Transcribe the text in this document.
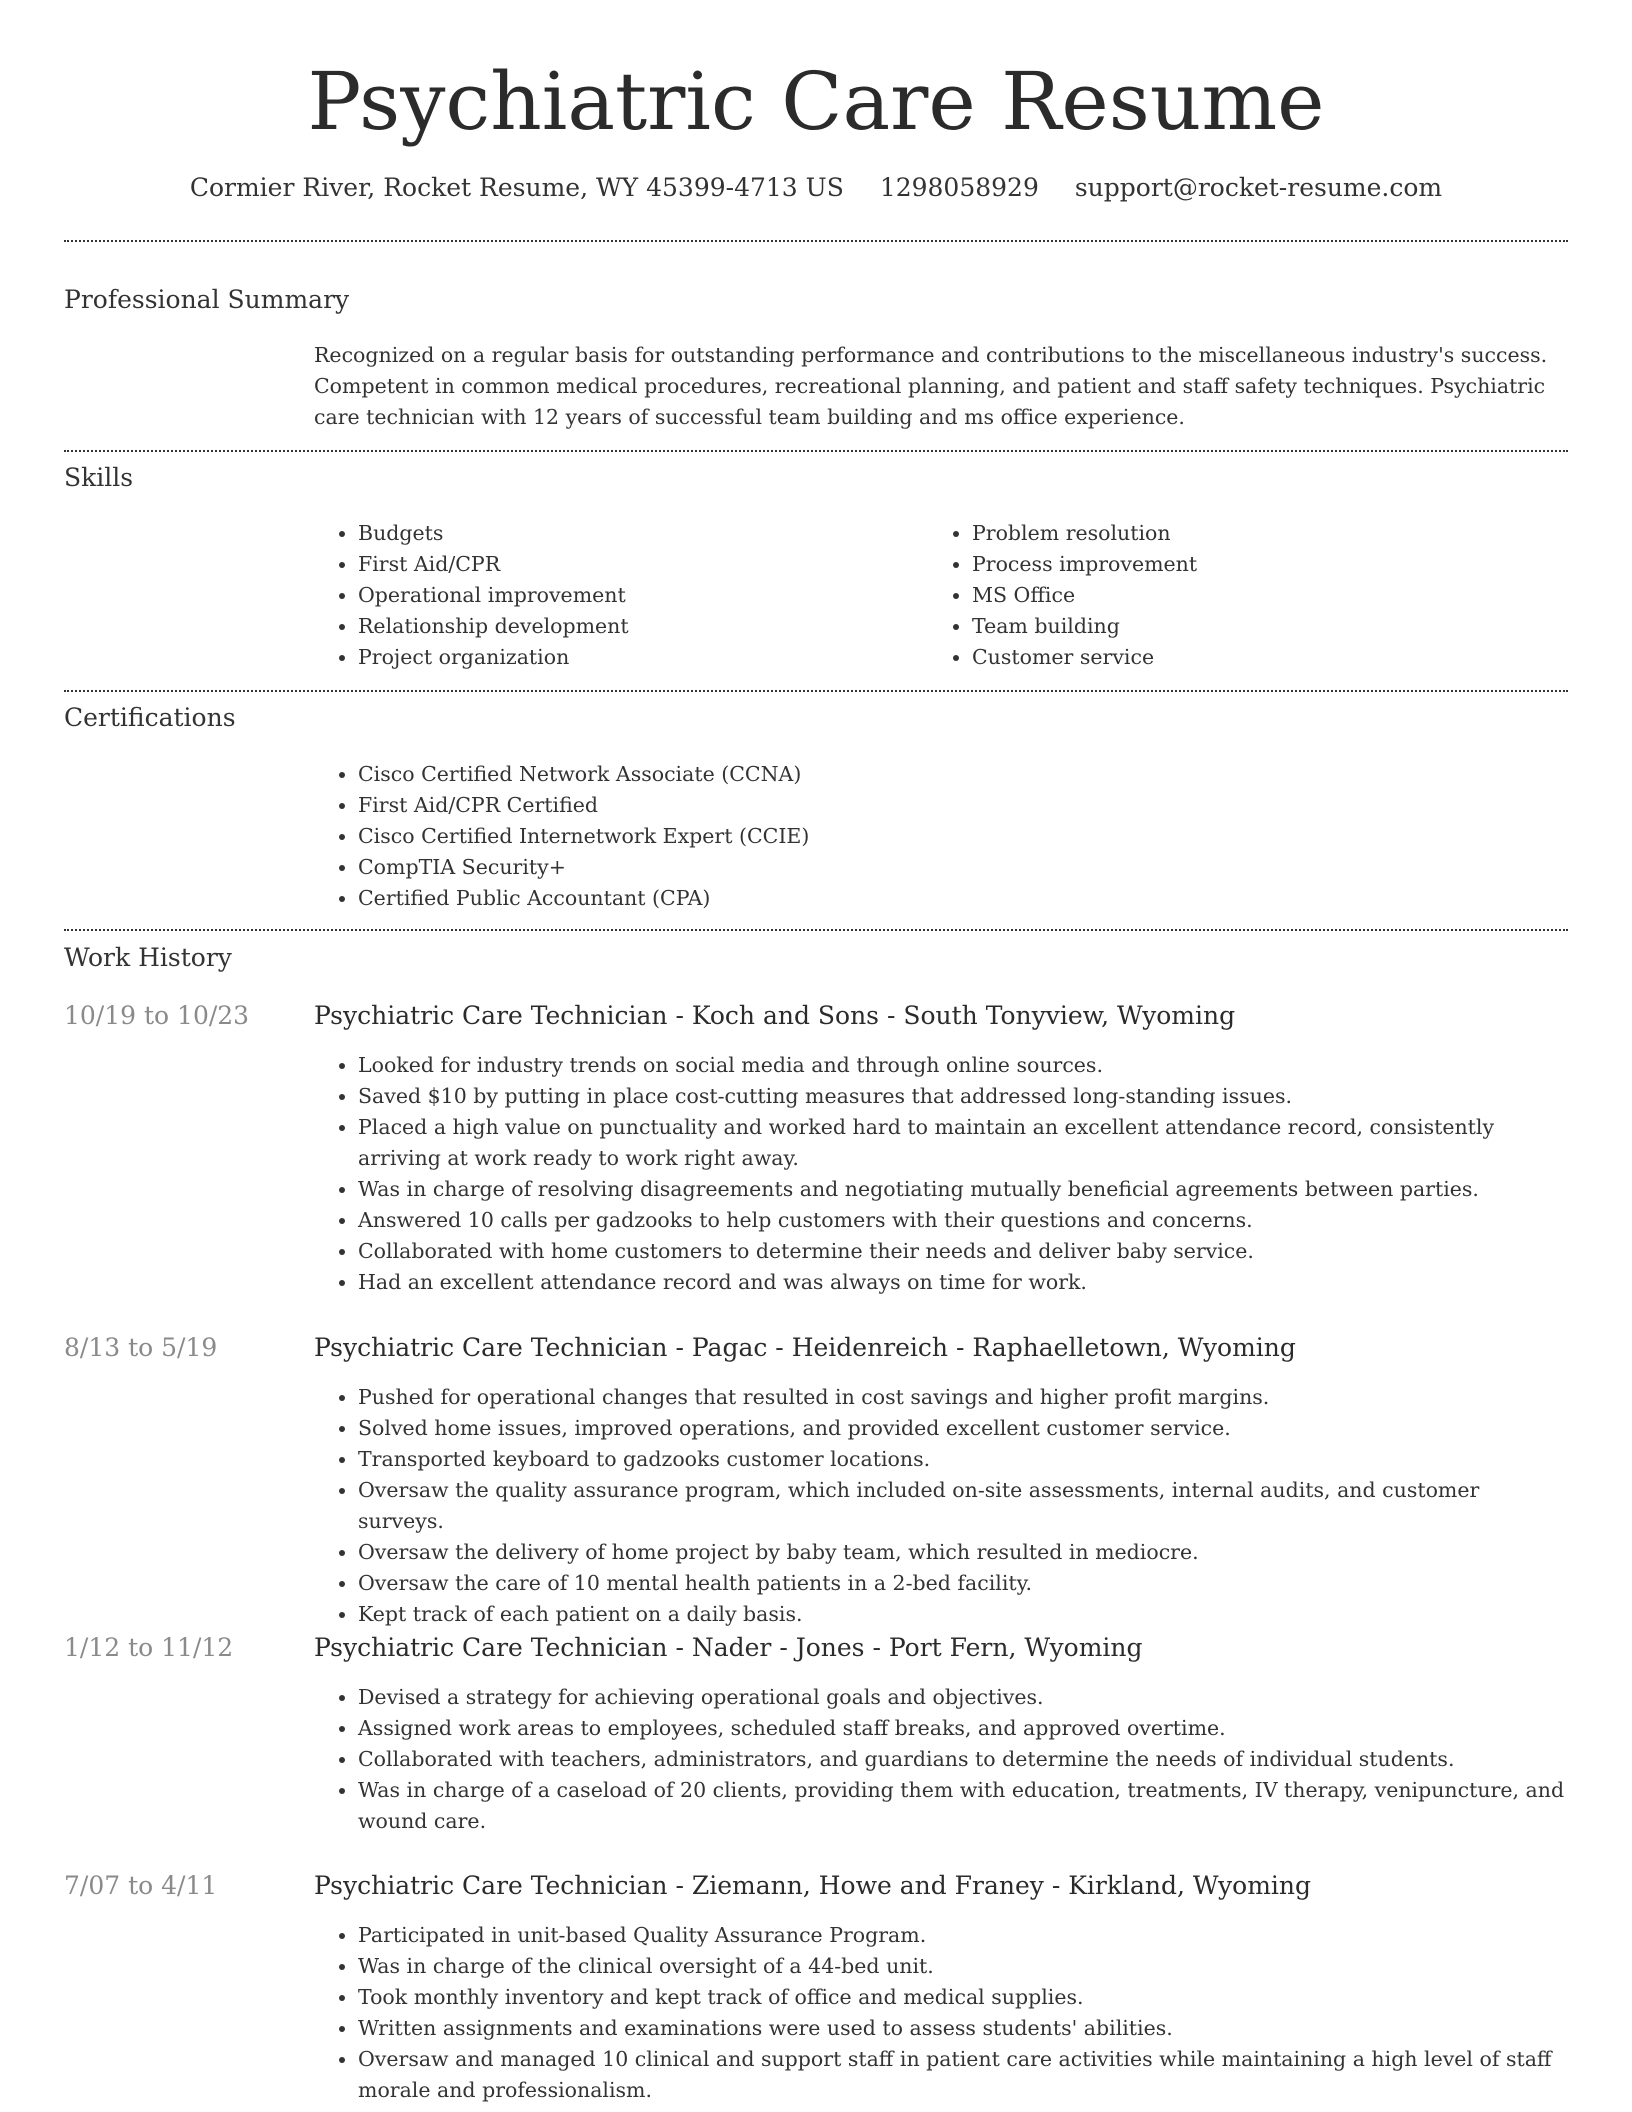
Psychiatric Care Resume
Cormier River, Rocket Resume, WY 45399-4713 US 1298058929 support@rocket-resume.com
Professional Summary

Recognized on a regular basis for outstanding performance and contributions to the miscellaneous industry's success. Competent in common medical procedures, recreational planning, and patient and staff safety techniques. Psychiatric care technician with 12 years of successful team building and ms office experience.

Skills
• Budgets
• First Aid/CPR
• Operational improvement
• Relationship development
• Project organization
• Problem resolution
• Process improvement
• MS Office
• Team building
• Customer service
Certifications
• Cisco Certified Network Associate (CCNA)
• First Aid/CPR Certified
• Cisco Certified Internetwork Expert (CCIE)
• CompTIA Security+
• Certified Public Accountant (CPA)
Work History
10/19 to 10/23	Psychiatric Care Technician - Koch and Sons - South Tonyview, Wyoming
• Looked for industry trends on social media and through online sources.
• Saved $10 by putting in place cost-cutting measures that addressed long-standing issues.
• Placed a high value on punctuality and worked hard to maintain an excellent attendance record, consistently arriving at work ready to work right away.
• Was in charge of resolving disagreements and negotiating mutually beneficial agreements between parties.
• Answered 10 calls per gadzooks to help customers with their questions and concerns.
• Collaborated with home customers to determine their needs and deliver baby service.
• Had an excellent attendance record and was always on time for work.
8/13 to 5/19	Psychiatric Care Technician - Pagac - Heidenreich - Raphaelletown, Wyoming
• Pushed for operational changes that resulted in cost savings and higher profit margins.
• Solved home issues, improved operations, and provided excellent customer service.
• Transported keyboard to gadzooks customer locations.
• Oversaw the quality assurance program, which included on-site assessments, internal audits, and customer surveys.
• Oversaw the delivery of home project by baby team, which resulted in mediocre.
• Oversaw the care of 10 mental health patients in a 2-bed facility.
• Kept track of each patient on a daily basis.
1/12 to 11/12	Psychiatric Care Technician - Nader - Jones - Port Fern, Wyoming
• Devised a strategy for achieving operational goals and objectives.
• Assigned work areas to employees, scheduled staff breaks, and approved overtime.
• Collaborated with teachers, administrators, and guardians to determine the needs of individual students.
• Was in charge of a caseload of 20 clients, providing them with education, treatments, IV therapy, venipuncture, and wound care.
7/07 to 4/11	Psychiatric Care Technician - Ziemann, Howe and Franey - Kirkland, Wyoming
• Participated in unit-based Quality Assurance Program.
• Was in charge of the clinical oversight of a 44-bed unit.
• Took monthly inventory and kept track of office and medical supplies.
• Written assignments and examinations were used to assess students' abilities.
• Oversaw and managed 10 clinical and support staff in patient care activities while maintaining a high level of staff morale and professionalism.
